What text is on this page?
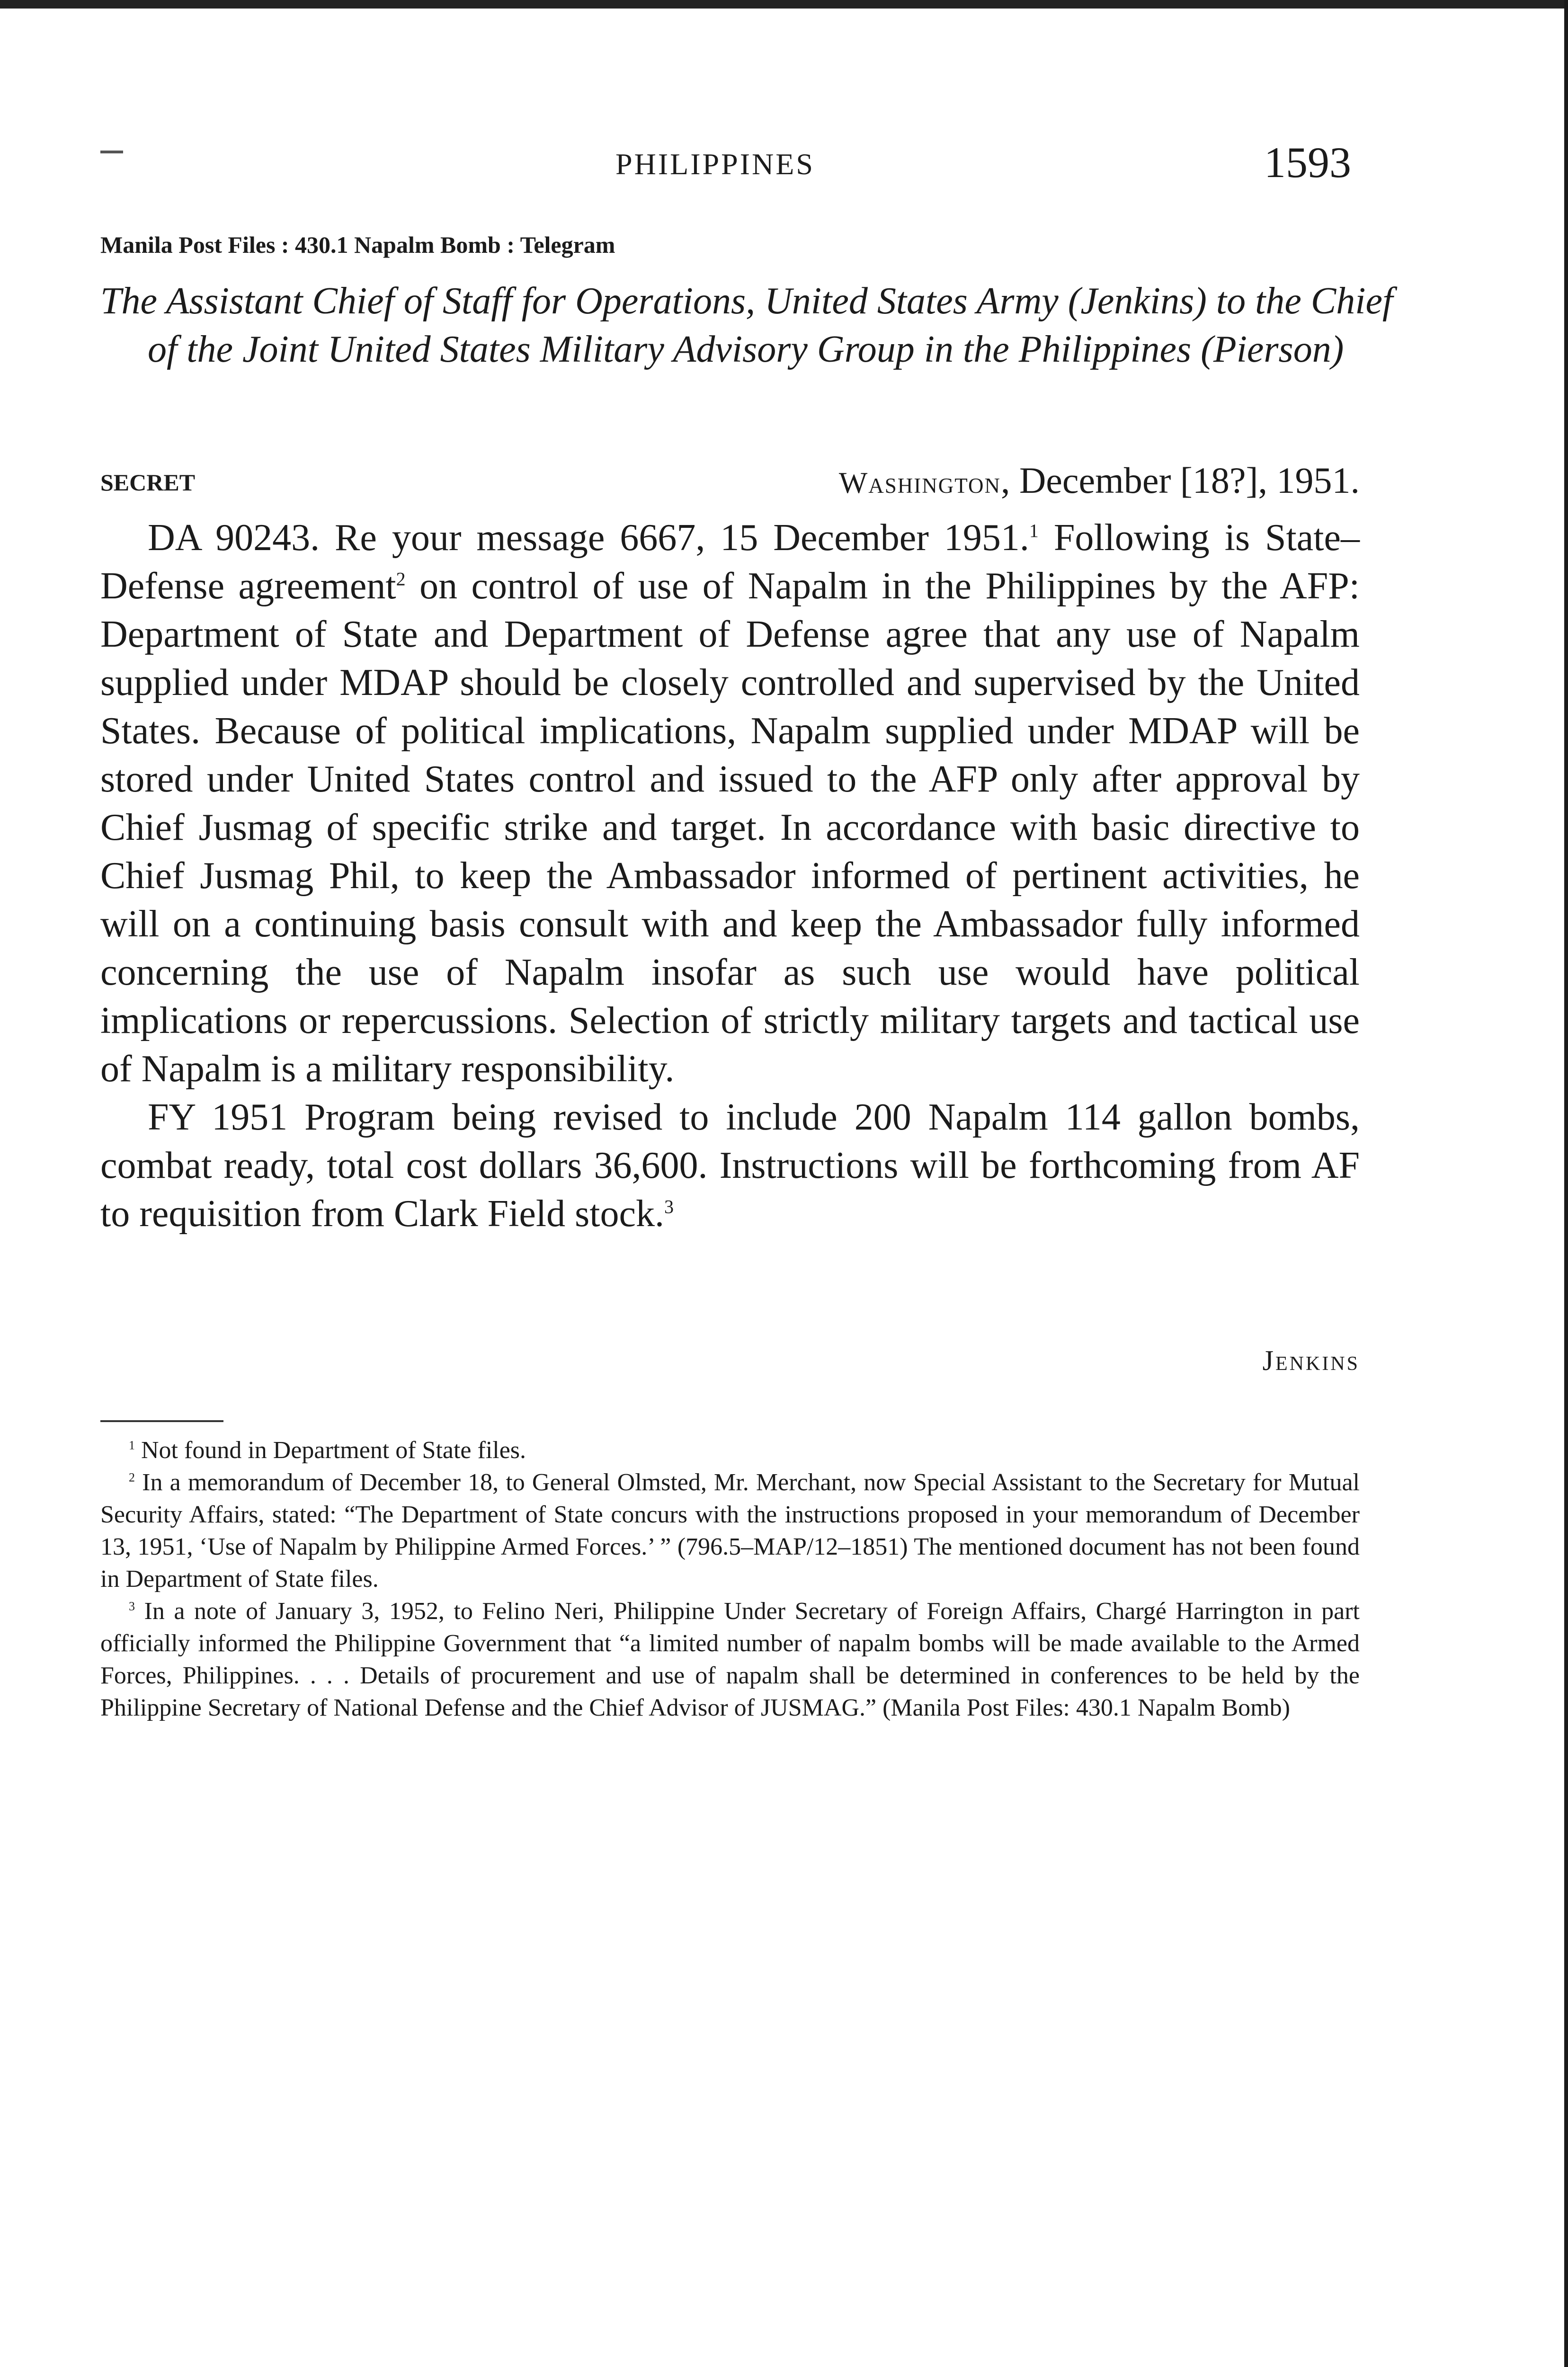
PHILIPPINES	1593
Manila Post Files : 430.1 Napalm Bomb : Telegram
The Assistant Chief of Staff for Operations, United States Army (Jenkins) to the Chief of the Joint United States Military Advisory Group in the Philippines (Pierson)
SECRET	Washington, December [18?], 1951.

DA 90243. Re your message 6667, 15 December 1951.$^1$ Following is State–Defense agreement$^2$ on control of use of Napalm in the Philippines by the AFP: Department of State and Department of Defense agree that any use of Napalm supplied under MDAP should be closely controlled and supervised by the United States. Because of political implications, Napalm supplied under MDAP will be stored under United States control and issued to the AFP only after approval by Chief Jusmag of specific strike and target. In accordance with basic directive to Chief Jusmag Phil, to keep the Ambassador informed of pertinent activities, he will on a continuing basis consult with and keep the Ambassador fully informed concerning the use of Napalm insofar as such use would have political implications or repercussions. Selection of strictly military targets and tactical use of Napalm is a military responsibility.

FY 1951 Program being revised to include 200 Napalm 114 gallon bombs, combat ready, total cost dollars 36,600. Instructions will be forthcoming from AF to requisition from Clark Field stock.$^3$

Jenkins

$^1$ Not found in Department of State files.

$^2$ In a memorandum of December 18, to General Olmsted, Mr. Merchant, now Special Assistant to the Secretary for Mutual Security Affairs, stated: “The Department of State concurs with the instructions proposed in your memorandum of December 13, 1951, ‘Use of Napalm by Philippine Armed Forces.’ ” (796.5–MAP/12–1851) The mentioned document has not been found in Department of State files.

$^3$ In a note of January 3, 1952, to Felino Neri, Philippine Under Secretary of Foreign Affairs, Chargé Harrington in part officially informed the Philippine Government that “a limited number of napalm bombs will be made available to the Armed Forces, Philippines. . . . Details of procurement and use of napalm shall be determined in conferences to be held by the Philippine Secretary of National Defense and the Chief Advisor of JUSMAG.” (Manila Post Files: 430.1 Napalm Bomb)
